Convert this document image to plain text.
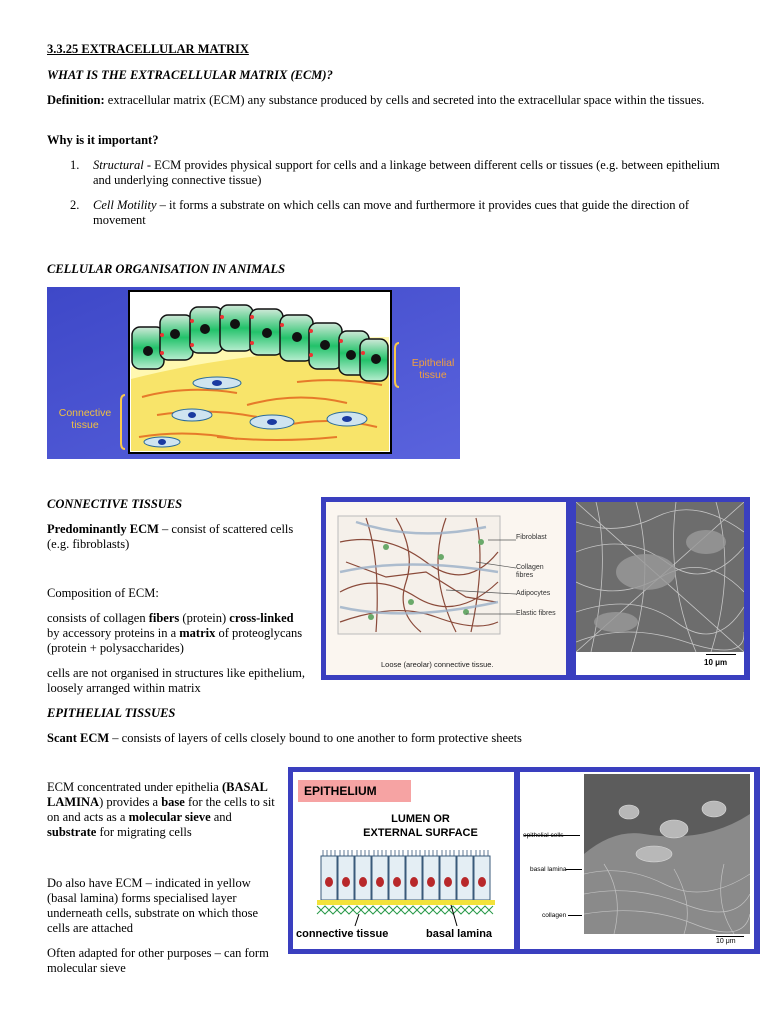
3.3.25 EXTRACELLULAR MATRIX
WHAT IS THE EXTRACELLULAR MATRIX (ECM)?

Definition: extracellular matrix (ECM) any substance produced by cells and secreted into the extracellular space within the tissues.

Why is it important?
1. Structural - ECM provides physical support for cells and a linkage between different cells or tissues (e.g. between epithelium and underlying connective tissue)

2. Cell Motility – it forms a substrate on which cells can move and furthermore it provides cues that guide the direction of movement

CELLULAR ORGANISATION IN ANIMALS
Epithelial
tissue
Connective
tissue
CONNECTIVE TISSUES

Predominantly ECM – consist of scattered cells (e.g. fibroblasts)

Composition of ECM:

consists of collagen fibers (protein) cross-linked by accessory proteins in a matrix of proteoglycans (protein + polysaccharides)

cells are not organised in structures like epithelium, loosely arranged within matrix

Fibroblast
Collagen
fibres
Adipocytes
Elastic fibres
Loose (areolar) connective tissue.	10 μm
EPITHELIAL TISSUES

Scant ECM – consists of layers of cells closely bound to one another to form protective sheets

ECM concentrated under epithelia (BASAL LAMINA) provides a base for the cells to sit on and acts as a molecular sieve and substrate for migrating cells

Do also have ECM – indicated in yellow (basal lamina) forms specialised layer underneath cells, substrate on which those cells are attached

Often adapted for other purposes – can form molecular sieve

EPITHELIUM
LUMEN OR
EXTERNAL SURFACE
connective tissue	basal lamina
epithelial cells
basal lamina
collagen
10 μm
